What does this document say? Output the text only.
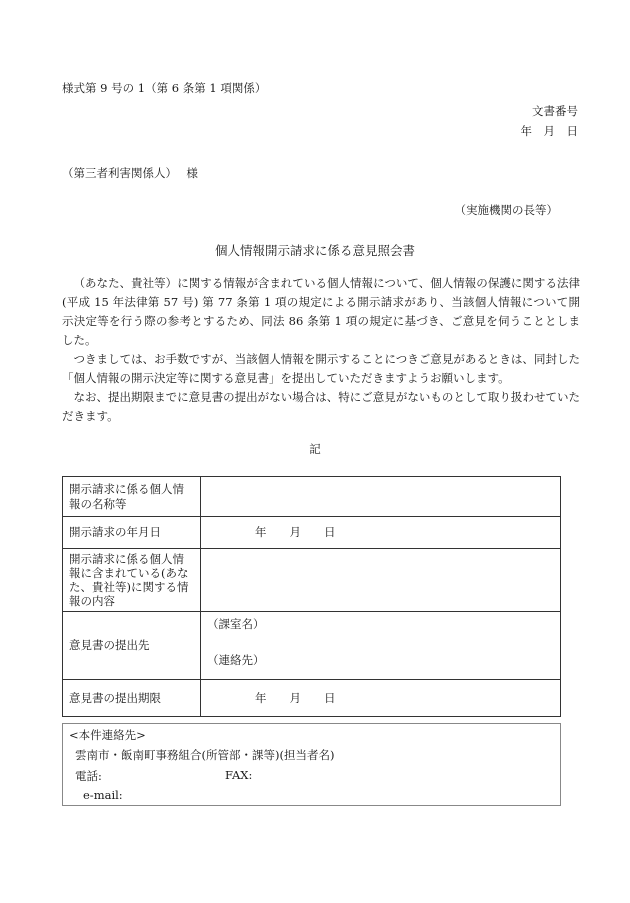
様式第 9 号の 1（第 6 条第 1 項関係）
文書番号
年　月　日
（第三者利害関係人）　 様
（実施機関の長等）
個人情報開示請求に係る意見照会書
（あなた、貴社等）に関する情報が含まれている個人情報について、個人情報の保護に関する法律(平成 15 年法律第 57 号) 第 77 条第 1 項の規定による開示請求があり、当該個人情報について開示決定等を行う際の参考とするため、同法 86 条第 1 項の規定に基づき、ご意見を伺うこととしました。
つきましては、お手数ですが、当該個人情報を開示することにつきご意見があるときは、同封した「個人情報の開示決定等に関する意見書」を提出していただきますようお願いします。
なお、提出期限までに意見書の提出がない場合は、特にご意見がないものとして取り扱わせていただきます。
記
開示請求に係る個人情報の名称等	
開示請求の年月日	年　　月　　日
開示請求に係る個人情報に含まれている(あなた、貴社等)に関する情報の内容	
意見書の提出先	（課室名）
（連絡先）

意見書の提出期限	年　　月　　日
<本件連絡先>
雲南市・飯南町事務組合(所管部・課等)(担当者名)
電話:	FAX:
e-mail:
